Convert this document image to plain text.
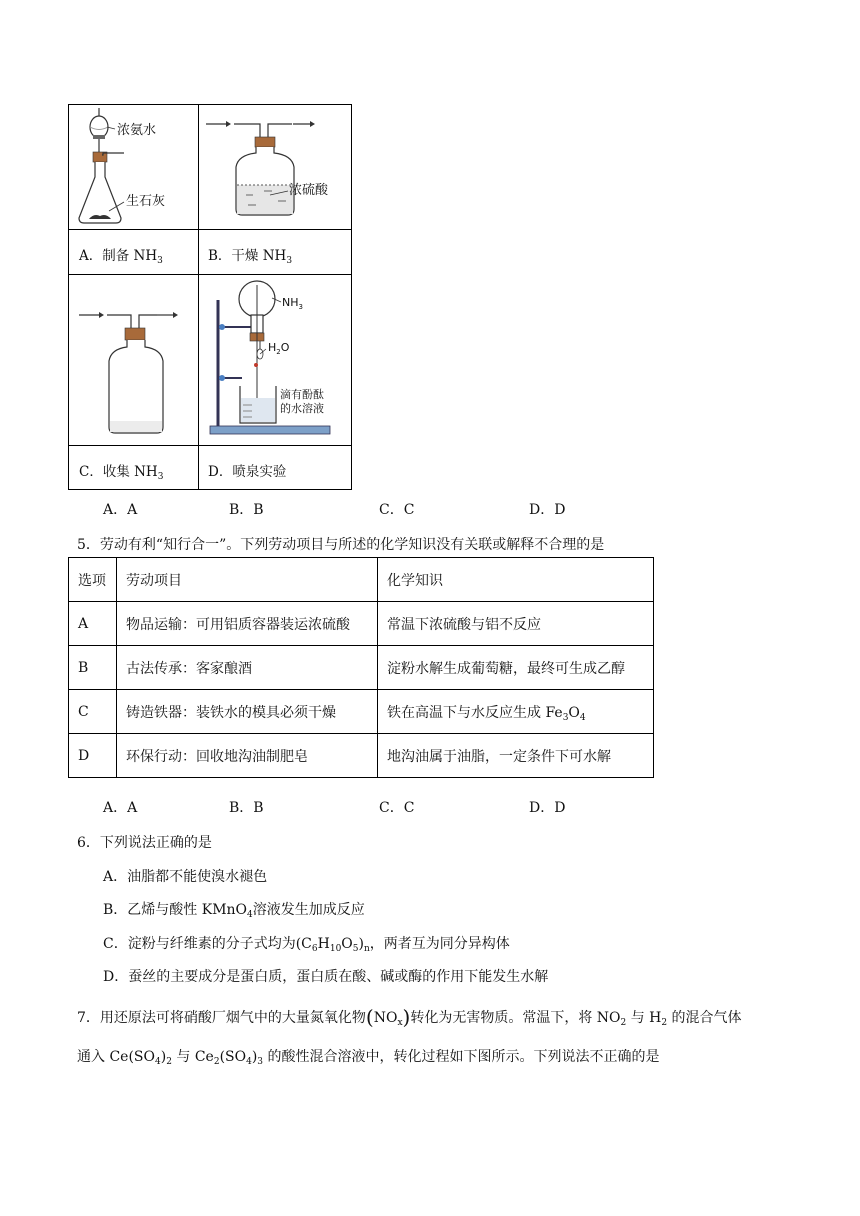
浓氨水
生石灰
浓硫酸
$NH_3$
$H_2O$
滴有酚酞
的水溶液
A．制备 $NH_3$	B．干燥 $NH_3$
C．收集 $NH_3$	D．喷泉实验
A．A	B．B	C．C	D．D
5．劳动有利“知行合一”。下列劳动项目与所述的化学知识没有关联或解释不合理的是
选项	劳动项目	化学知识
A	物品运输：可用铝质容器装运浓硫酸	常温下浓硫酸与铝不反应
B	古法传承：客家酿酒	淀粉水解生成葡萄糖，最终可生成乙醇
C	铸造铁器：装铁水的模具必须干燥	铁在高温下与水反应生成 $Fe_3O_4$
D	环保行动：回收地沟油制肥皂	地沟油属于油脂，一定条件下可水解
A．A	B．B	C．C	D．D
6．下列说法正确的是
A．油脂都不能使溴水褪色
B．乙烯与酸性 KMnO$_4$溶液发生加成反应
C．淀粉与纤维素的分子式均为$(C_6H_{10}O_5)_n$，两者互为同分异构体
D．蚕丝的主要成分是蛋白质，蛋白质在酸、碱或酶的作用下能发生水解
7．用还原法可将硝酸厂烟气中的大量氮氧化物$(NO_x)$转化为无害物质。常温下，将 $NO_2$ 与 $H_2$ 的混合气体
通入 $Ce(SO_4)_2$ 与 $Ce_2(SO_4)_3$ 的酸性混合溶液中，转化过程如下图所示。下列说法不正确的是
